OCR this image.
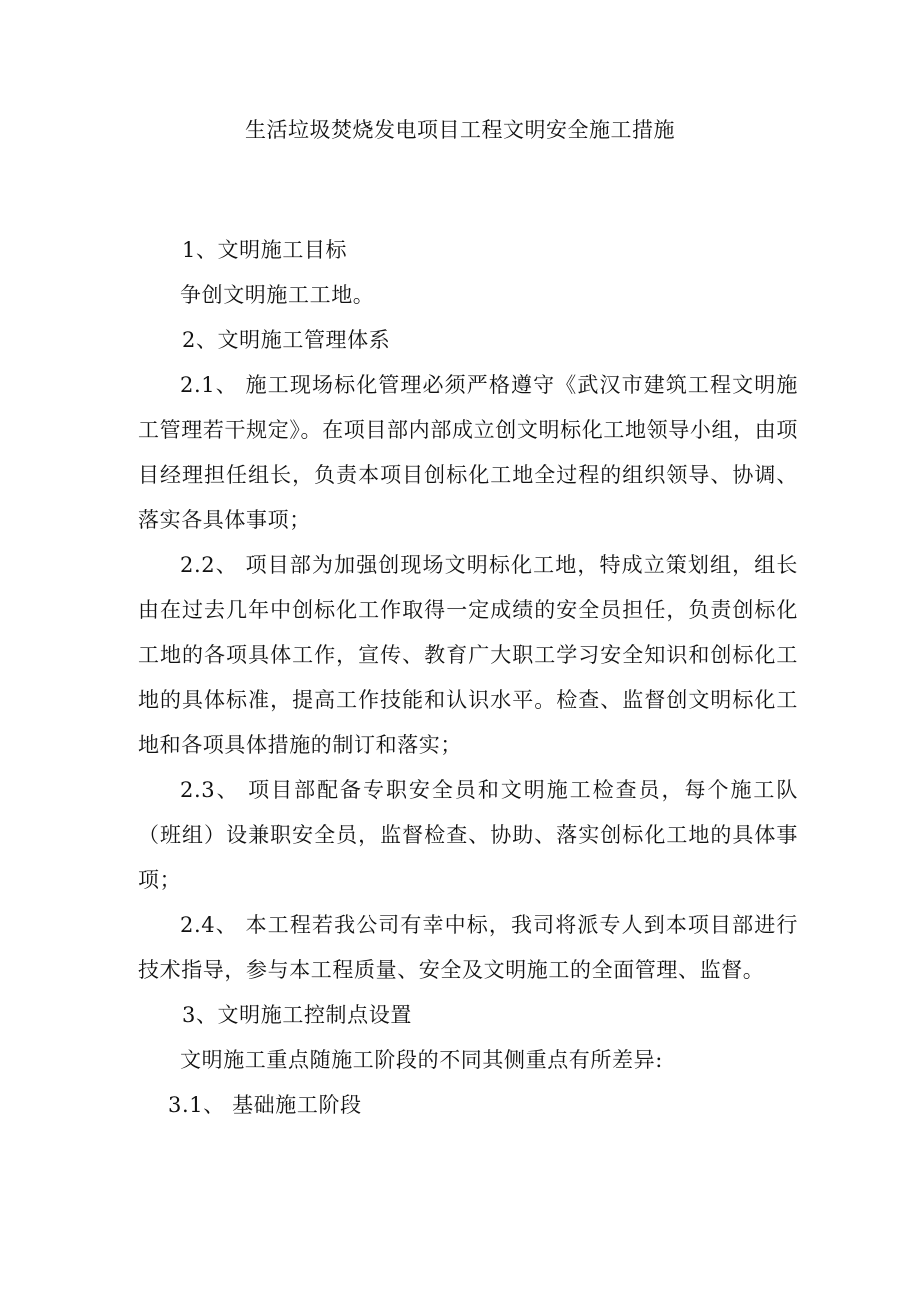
生活垃圾焚烧发电项目工程文明安全施工措施

1、文明施工目标

争创文明施工工地。

2、文明施工管理体系

2.1、 施工现场标化管理必须严格遵守《武汉市建筑工程文明施工管理若干规定》。在项目部内部成立创文明标化工地领导小组，由项目经理担任组长，负责本项目创标化工地全过程的组织领导、协调、落实各具体事项；

2.2、 项目部为加强创现场文明标化工地，特成立策划组，组长由在过去几年中创标化工作取得一定成绩的安全员担任，负责创标化工地的各项具体工作，宣传、教育广大职工学习安全知识和创标化工地的具体标准，提高工作技能和认识水平。检查、监督创文明标化工地和各项具体措施的制订和落实；

2.3、 项目部配备专职安全员和文明施工检查员，每个施工队（班组）设兼职安全员，监督检查、协助、落实创标化工地的具体事项；

2.4、 本工程若我公司有幸中标，我司将派专人到本项目部进行技术指导，参与本工程质量、安全及文明施工的全面管理、监督。

3、文明施工控制点设置

文明施工重点随施工阶段的不同其侧重点有所差异:

3.1、 基础施工阶段
